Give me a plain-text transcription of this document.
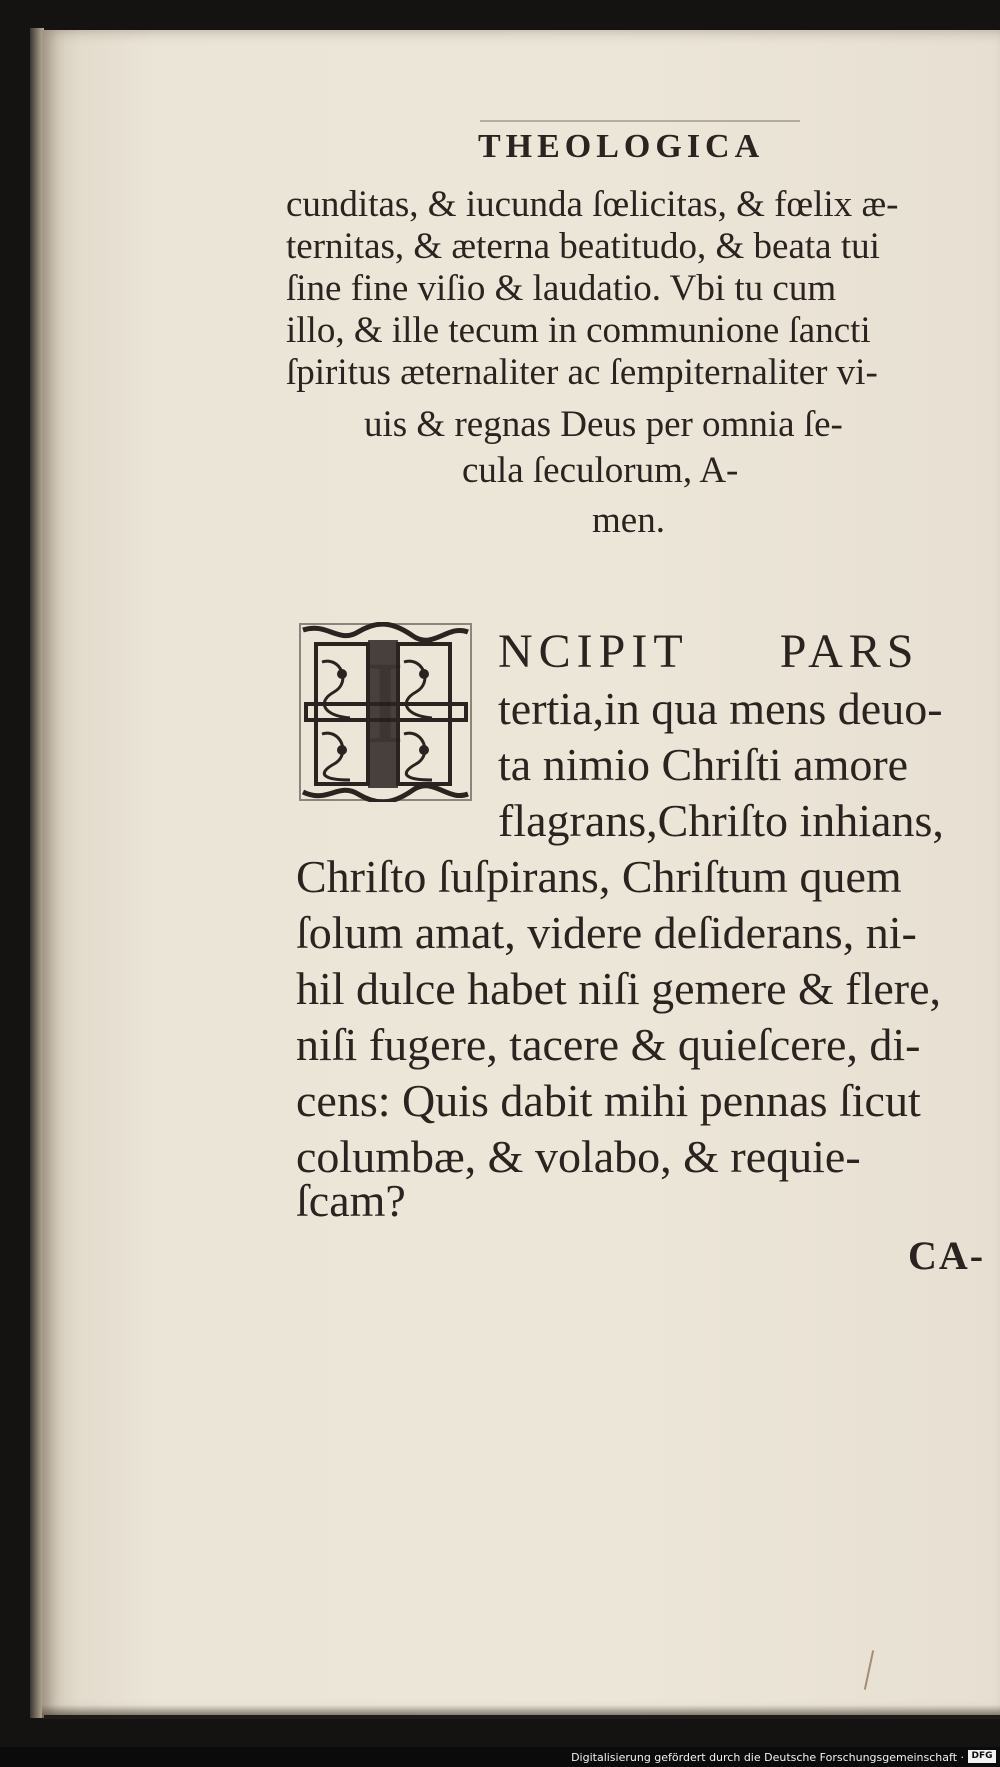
THEOLOGICA
cunditas, & iucunda ſœlicitas, & fœlix æ-
ternitas, & æterna beatitudo, & beata tui
ſine fine viſio & laudatio. Vbi tu cum
illo, & ille tecum in communione ſancti
ſpiritus æternaliter ac ſempiternaliter vi-
uis & regnas Deus per omnia ſe-
cula ſeculorum, A-
men.
I NCIPIT PARS
tertia,in qua mens deuo-
ta nimio Chriſti amore
flagrans,Chriſto inhians,
Chriſto ſuſpirans, Chriſtum quem
ſolum amat, videre deſiderans, ni-
hil dulce habet niſi gemere & flere,
niſi fugere, tacere & quieſcere, di-
cens: Quis dabit mihi pennas ſicut
columbæ, & volabo, & requie-
ſcam?
CA-
Digitalisierung gefördert durch die Deutsche Forschungsgemeinschaft · DFG
